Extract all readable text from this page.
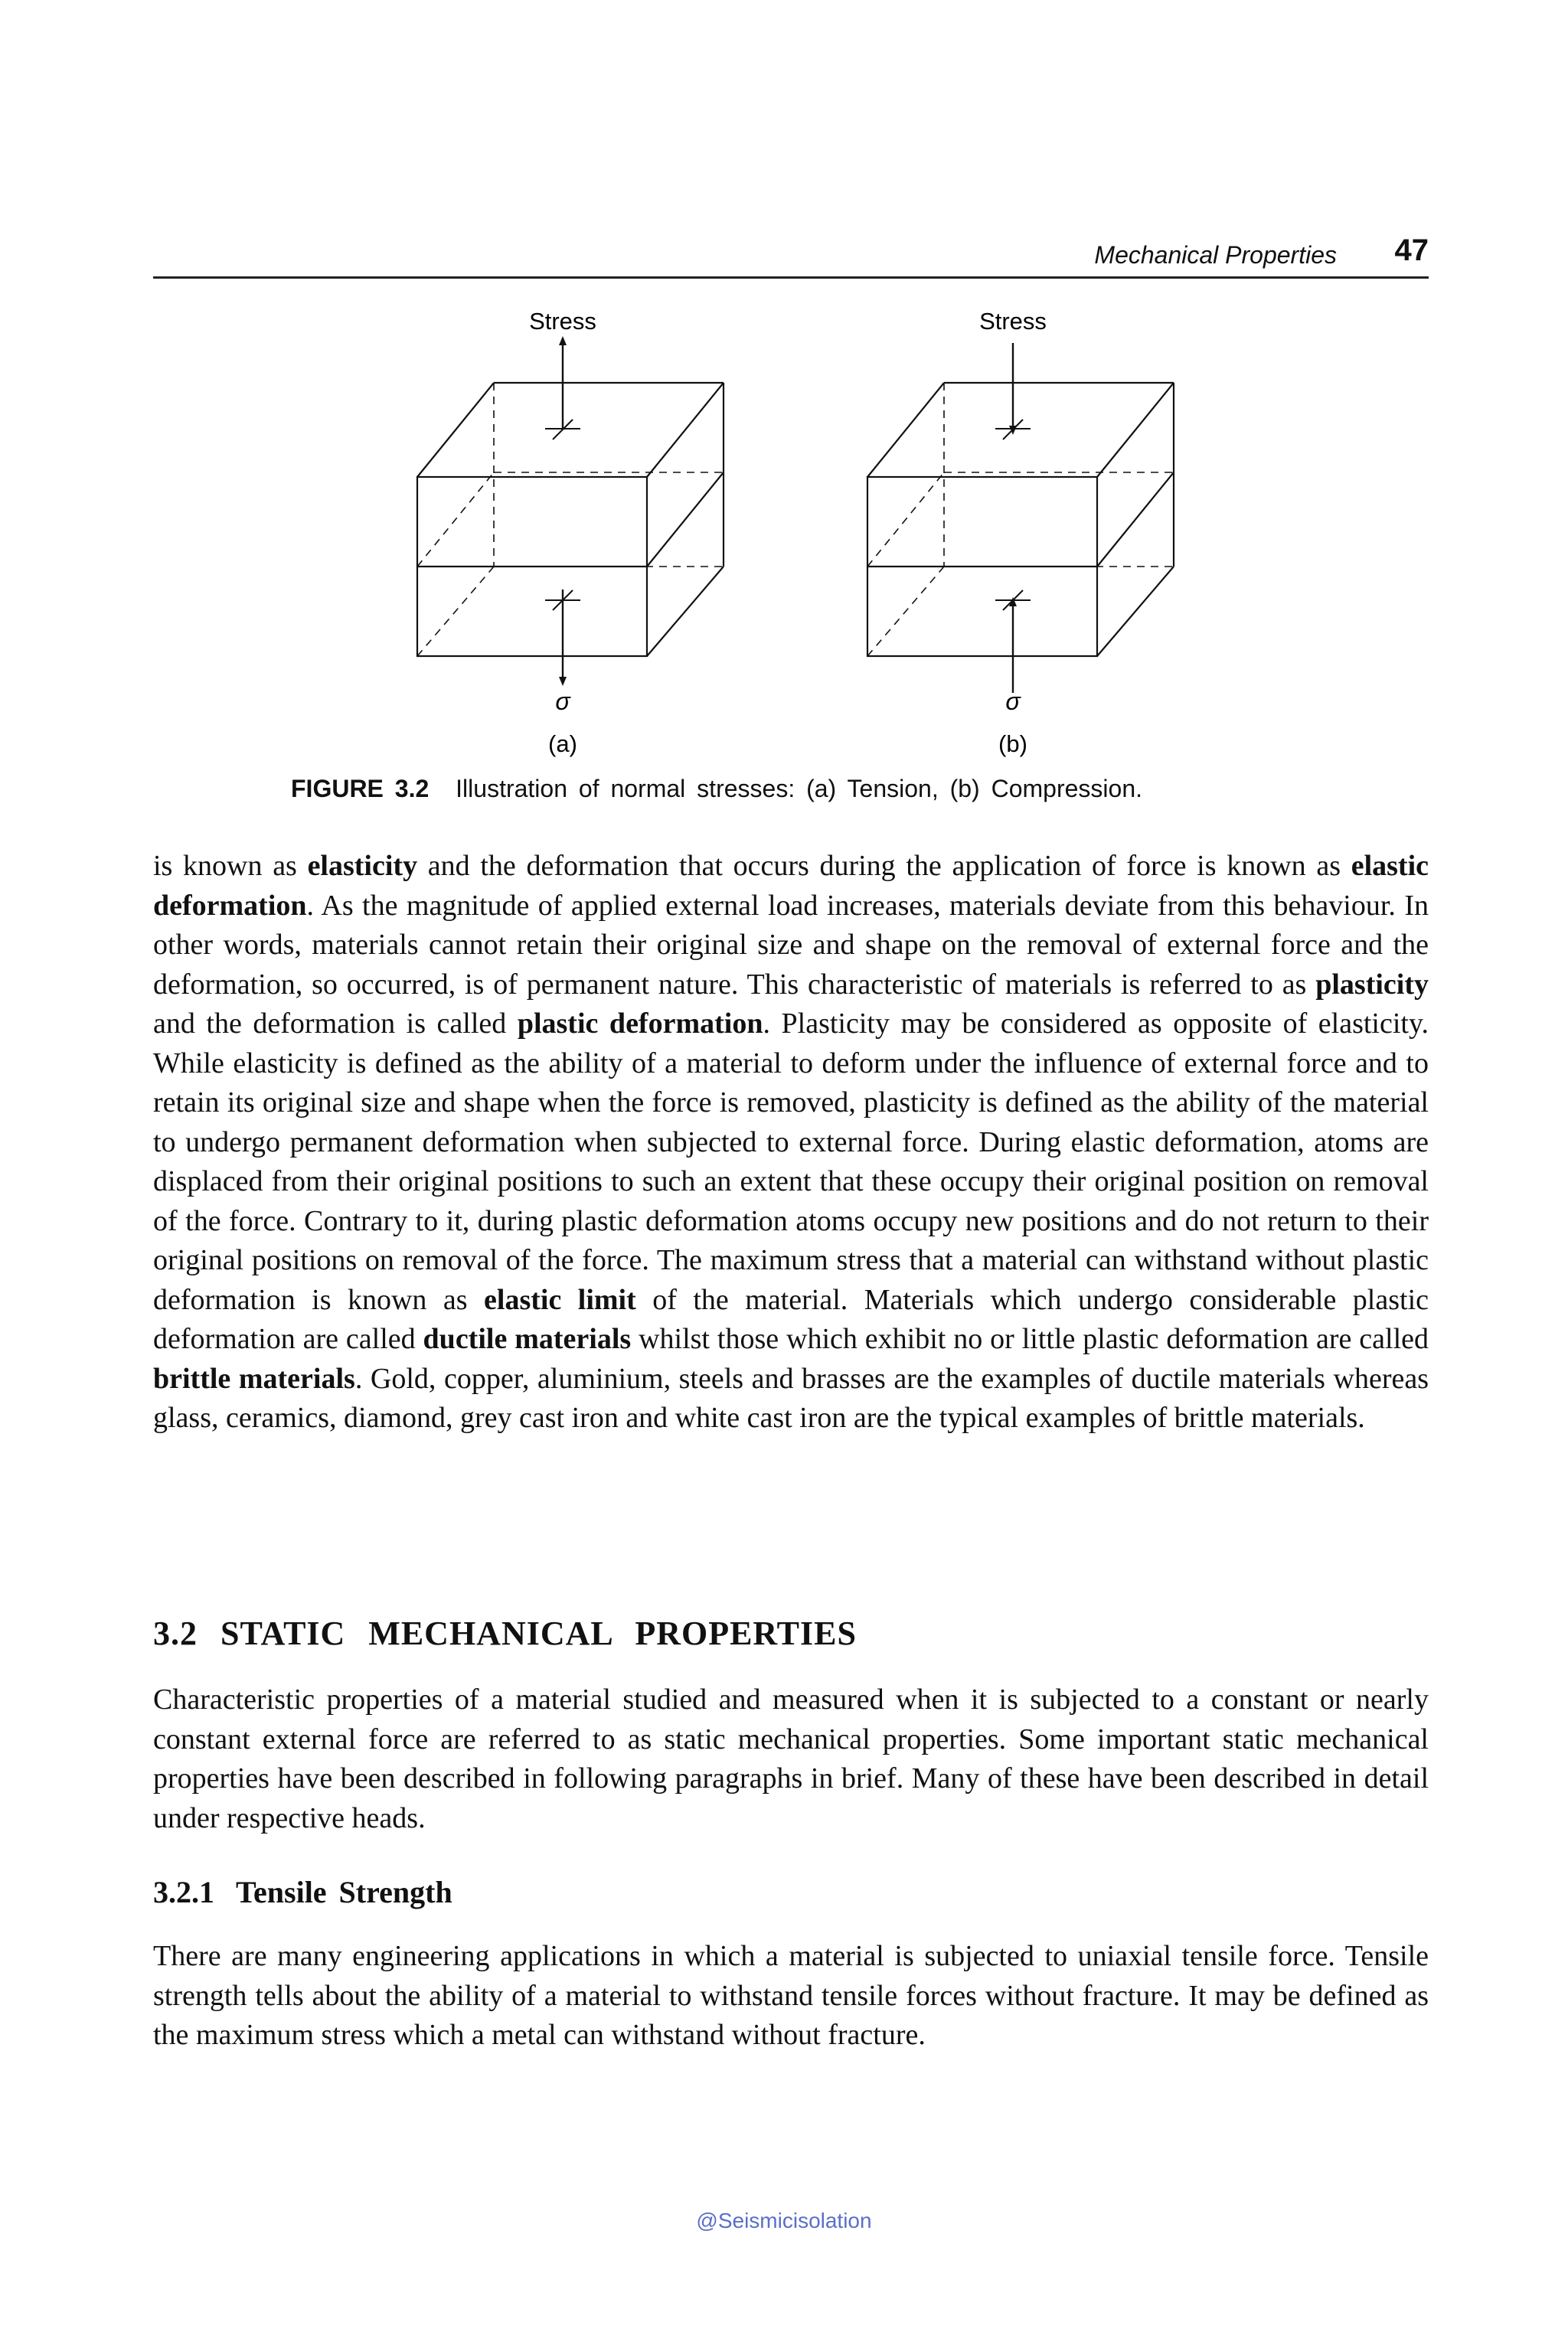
Mechanical Properties 47
Stress
σ
(a)
Stress
σ
(b)
FIGURE 3.2 Illustration of normal stresses: (a) Tension, (b) Compression.
is known as elasticity and the deformation that occurs during the application of force is known as elastic deformation. As the magnitude of applied external load increases, materials deviate from this behaviour. In other words, materials cannot retain their original size and shape on the removal of external force and the deformation, so occurred, is of permanent nature. This characteristic of materials is referred to as plasticity and the deformation is called plastic deformation. Plasticity may be considered as opposite of elasticity. While elasticity is defined as the ability of a material to deform under the influence of external force and to retain its original size and shape when the force is removed, plasticity is defined as the ability of the material to undergo permanent deformation when subjected to external force. During elastic deformation, atoms are displaced from their original positions to such an extent that these occupy their original position on removal of the force. Contrary to it, during plastic deformation atoms occupy new positions and do not return to their original positions on removal of the force. The maximum stress that a material can withstand without plastic deformation is known as elastic limit of the material. Materials which undergo considerable plastic deformation are called ductile materials whilst those which exhibit no or little plastic deformation are called brittle materials. Gold, copper, aluminium, steels and brasses are the examples of ductile materials whereas glass, ceramics, diamond, grey cast iron and white cast iron are the typical examples of brittle materials.
3.2 STATIC MECHANICAL PROPERTIES
Characteristic properties of a material studied and measured when it is subjected to a constant or nearly constant external force are referred to as static mechanical properties. Some important static mechanical properties have been described in following paragraphs in brief. Many of these have been described in detail under respective heads.
3.2.1 Tensile Strength
There are many engineering applications in which a material is subjected to uniaxial tensile force. Tensile strength tells about the ability of a material to withstand tensile forces without fracture. It may be defined as the maximum stress which a metal can withstand without fracture.
@Seismicisolation
